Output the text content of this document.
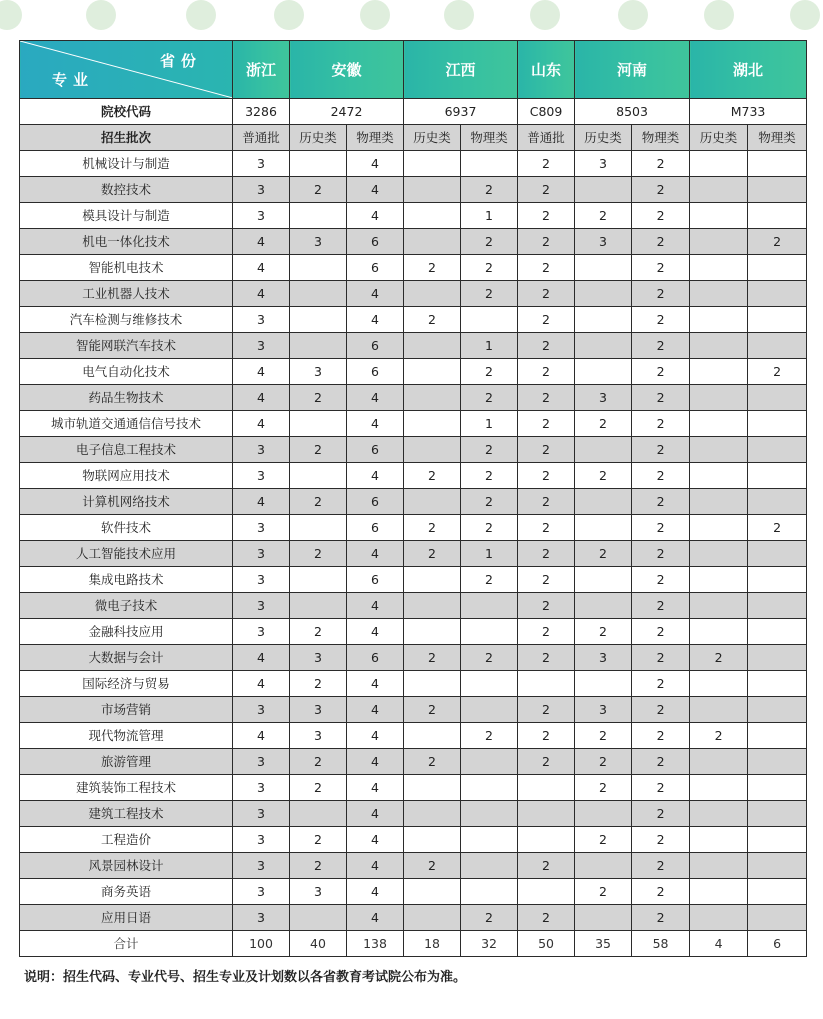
省份
专业	浙江	安徽		江西		山东	河南		湖北	
院校代码	3286	2472		6937		C809	8503		M733	
招生批次	普通批	历史类	物理类	历史类	物理类	普通批	历史类	物理类	历史类	物理类
机械设计与制造	3		4			2	3	2		
数控技术	3	2	4		2	2		2		
模具设计与制造	3		4		1	2	2	2		
机电一体化技术	4	3	6		2	2	3	2		2
智能机电技术	4		6	2	2	2		2		
工业机器人技术	4		4		2	2		2		
汽车检测与维修技术	3		4	2		2		2		
智能网联汽车技术	3		6		1	2		2		
电气自动化技术	4	3	6		2	2		2		2
药品生物技术	4	2	4		2	2	3	2		
城市轨道交通通信信号技术	4		4		1	2	2	2		
电子信息工程技术	3	2	6		2	2		2		
物联网应用技术	3		4	2	2	2	2	2		
计算机网络技术	4	2	6		2	2		2		
软件技术	3		6	2	2	2		2		2
人工智能技术应用	3	2	4	2	1	2	2	2		
集成电路技术	3		6		2	2		2		
微电子技术	3		4			2		2		
金融科技应用	3	2	4			2	2	2		
大数据与会计	4	3	6	2	2	2	3	2	2	
国际经济与贸易	4	2	4					2		
市场营销	3	3	4	2		2	3	2		
现代物流管理	4	3	4		2	2	2	2	2	
旅游管理	3	2	4	2		2	2	2		
建筑装饰工程技术	3	2	4				2	2		
建筑工程技术	3		4					2		
工程造价	3	2	4				2	2		
风景园林设计	3	2	4	2		2		2		
商务英语	3	3	4				2	2		
应用日语	3		4		2	2		2		
合计	100	40	138	18	32	50	35	58	4	6
说明：招生代码、专业代号、招生专业及计划数以各省教育考试院公布为准。
